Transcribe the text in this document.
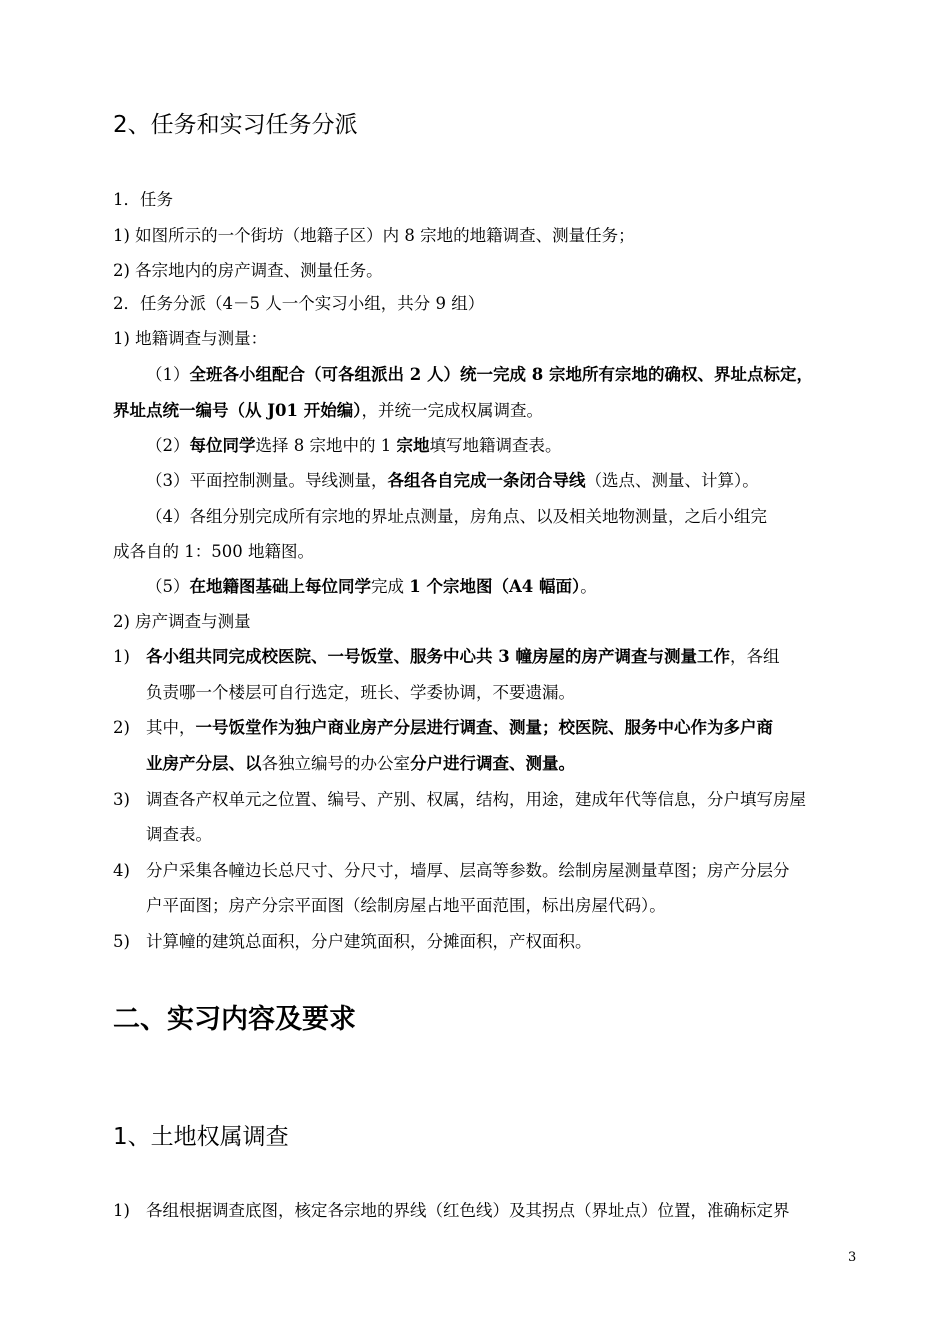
2、任务和实习任务分派
1．任务
1) 如图所示的一个街坊（地籍子区）内 8 宗地的地籍调查、测量任务；
2) 各宗地内的房产调查、测量任务。
2．任务分派（4－5 人一个实习小组，共分 9 组）
1) 地籍调查与测量：
（1）全班各小组配合（可各组派出 2 人）统一完成 8 宗地所有宗地的确权、界址点标定，
界址点统一编号（从 J01 开始编），并统一完成权属调查。
（2）每位同学选择 8 宗地中的 1 宗地填写地籍调查表。
（3）平面控制测量。导线测量，各组各自完成一条闭合导线（选点、测量、计算）。
（4）各组分别完成所有宗地的界址点测量，房角点、以及相关地物测量，之后小组完
成各自的 1：500 地籍图。
（5）在地籍图基础上每位同学完成 1 个宗地图（A4 幅面）。
2) 房产调查与测量
1) 各小组共同完成校医院、一号饭堂、服务中心共 3 幢房屋的房产调查与测量工作，各组
负责哪一个楼层可自行选定，班长、学委协调，不要遗漏。
2) 其中，一号饭堂作为独户商业房产分层进行调查、测量；校医院、服务中心作为多户商
业房产分层、以各独立编号的办公室分户进行调查、测量。
3) 调查各产权单元之位置、编号、产别、权属，结构，用途，建成年代等信息，分户填写房屋
调查表。
4) 分户采集各幢边长总尺寸、分尺寸，墙厚、层高等参数。绘制房屋测量草图；房产分层分
户平面图；房产分宗平面图（绘制房屋占地平面范围，标出房屋代码）。
5) 计算幢的建筑总面积，分户建筑面积，分摊面积，产权面积。
二、实习内容及要求
1、土地权属调查
1) 各组根据调查底图，核定各宗地的界线（红色线）及其拐点（界址点）位置，准确标定界
3
